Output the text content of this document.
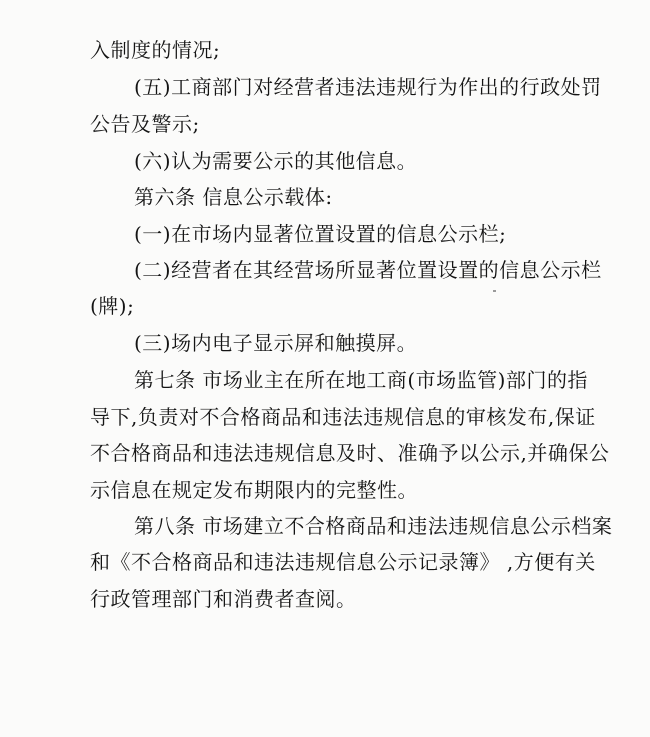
入制度的情况;
(五)工商部门对经营者违法违规行为作出的行政处罚
公告及警示;
(六)认为需要公示的其他信息。
第六条 信息公示载体:
(一)在市场内显著位置设置的信息公示栏;
(二)经营者在其经营场所显著位置设置的信息公示栏
(牌);
(三)场内电子显示屏和触摸屏。
第七条 市场业主在所在地工商(市场监管)部门的指
导下,负责对不合格商品和违法违规信息的审核发布,保证
不合格商品和违法违规信息及时、准确予以公示,并确保公
示信息在规定发布期限内的完整性。
第八条 市场建立不合格商品和违法违规信息公示档案
和《不合格商品和违法违规信息公示记录簿》 ,方便有关
行政管理部门和消费者查阅。
